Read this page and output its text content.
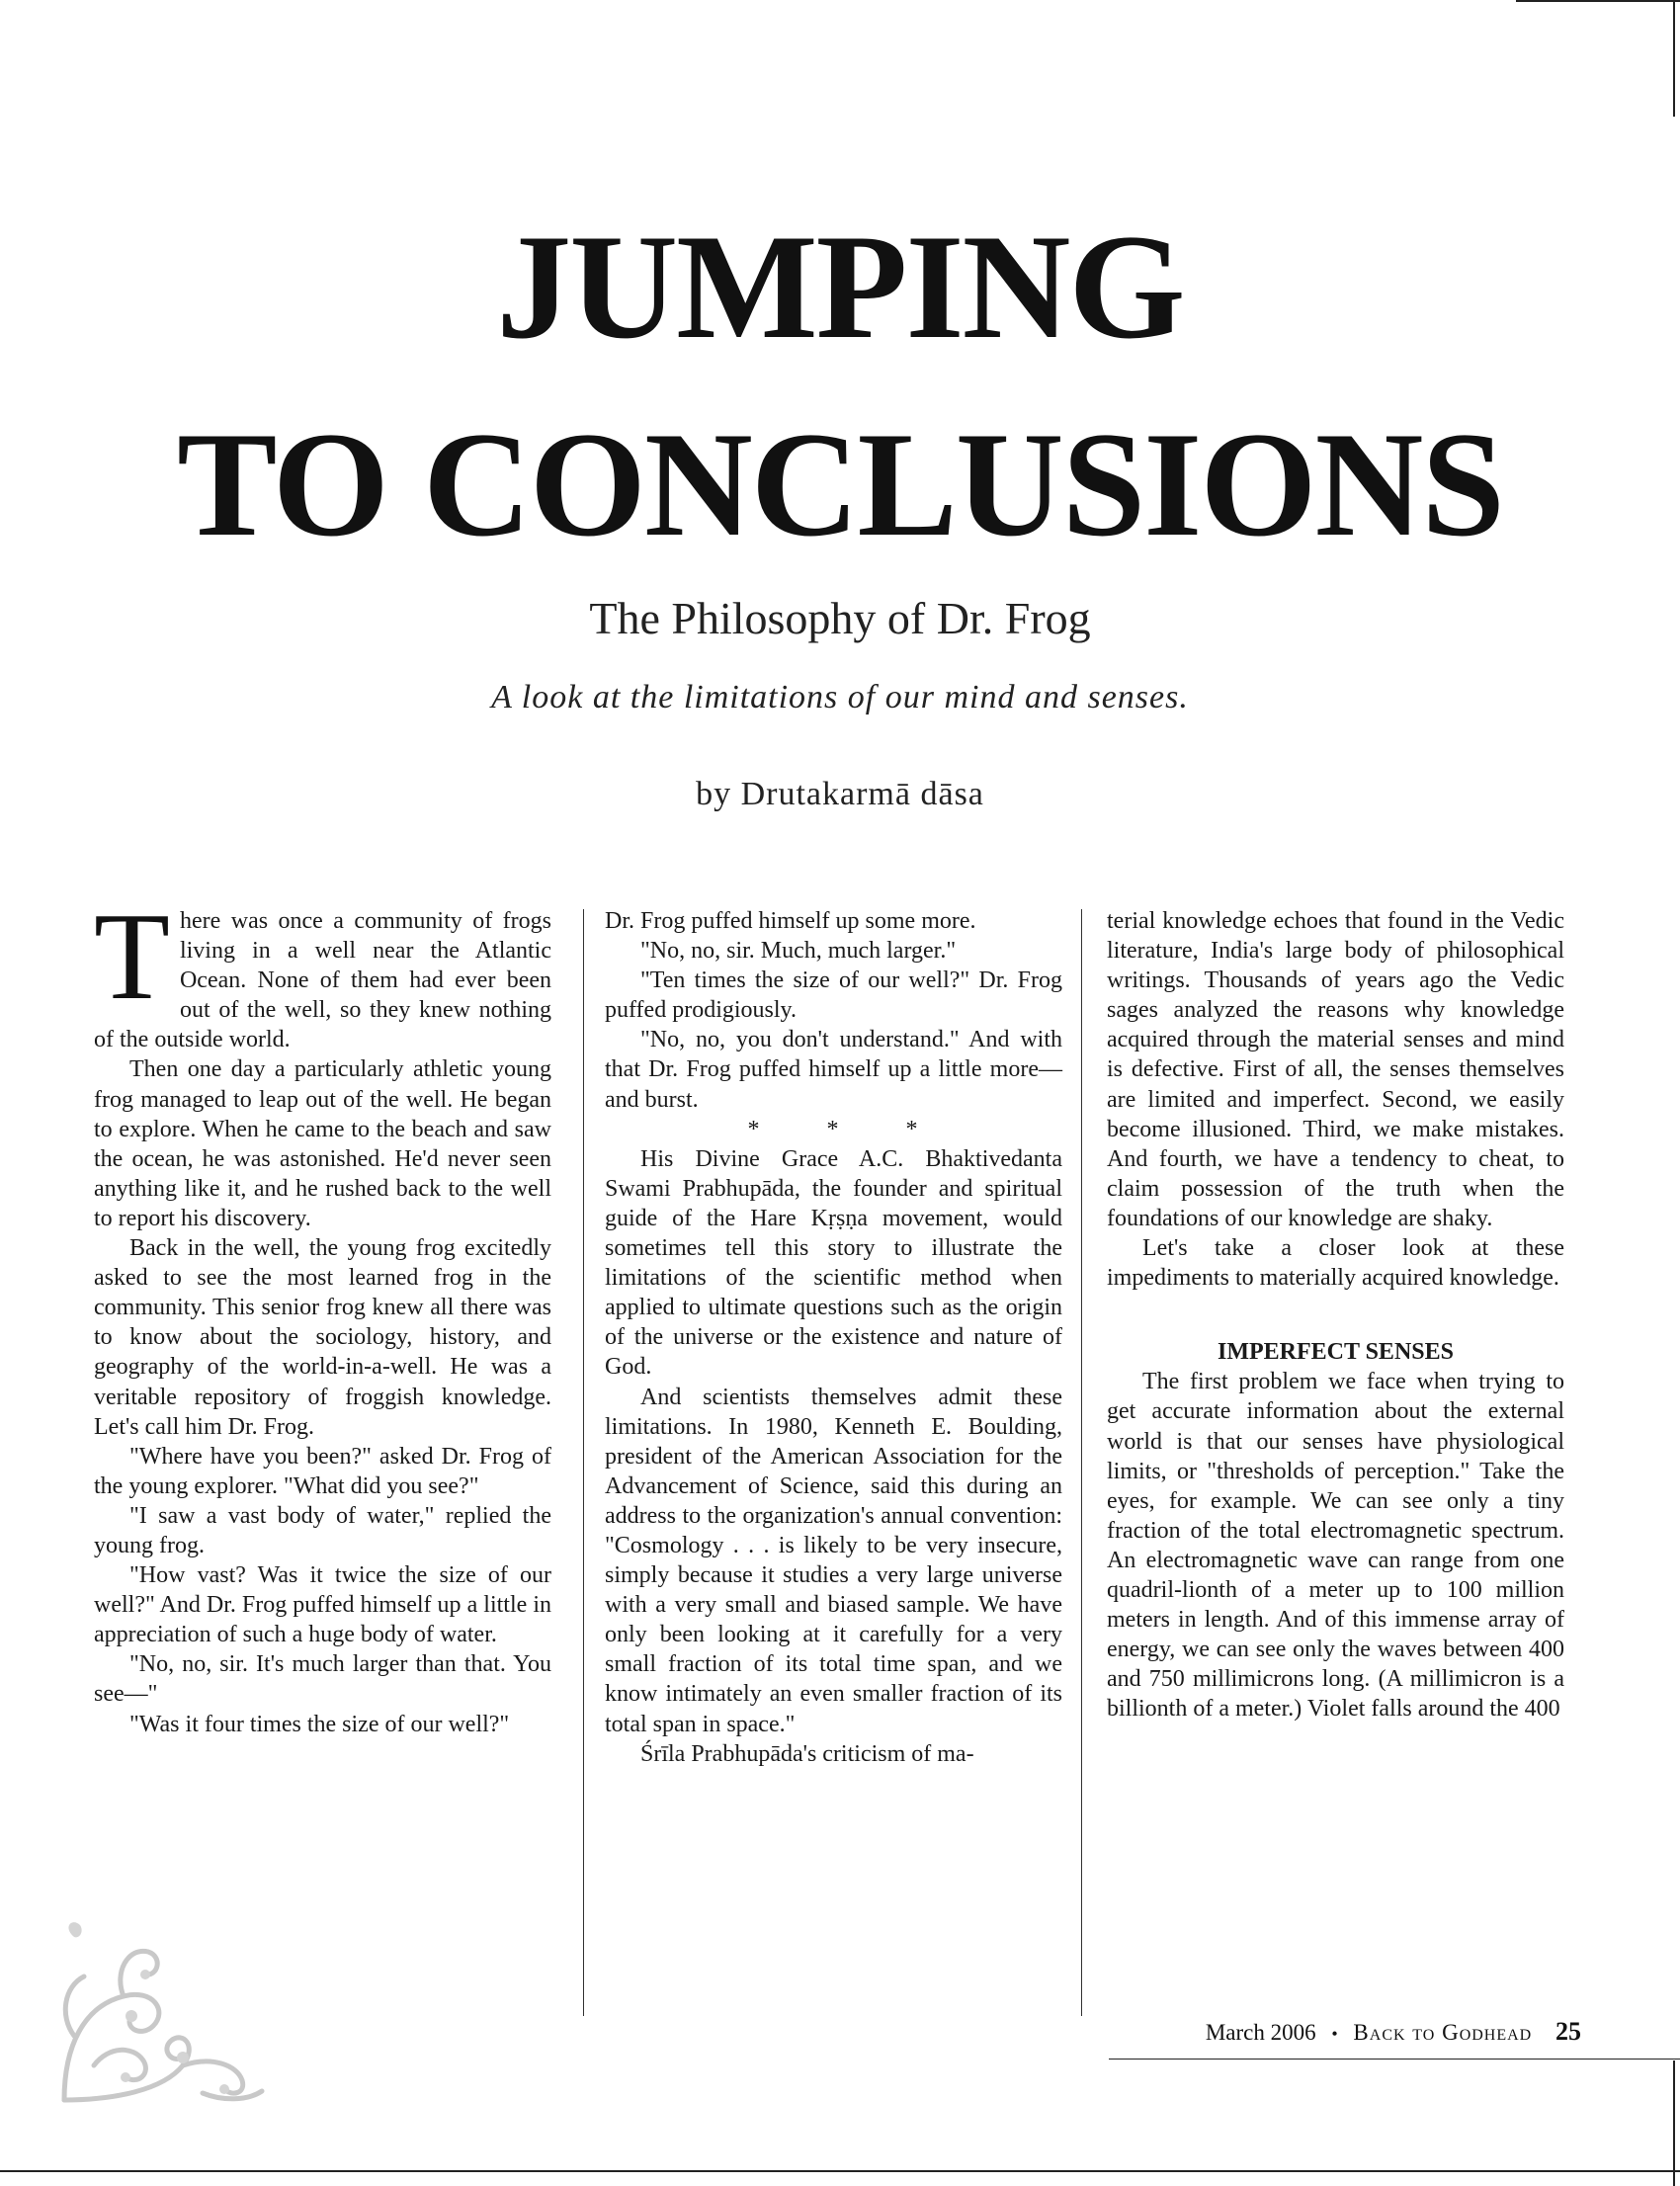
JUMPING
TO CONCLUSIONS
The Philosophy of Dr. Frog

A look at the limitations of our mind and senses.

by Drutakarmā dāsa

There was once a community of frogs living in a well near the Atlantic Ocean. None of them had ever been out of the well, so they knew nothing of the outside world.

Then one day a particularly athletic young frog managed to leap out of the well. He began to explore. When he came to the beach and saw the ocean, he was astonished. He'd never seen anything like it, and he rushed back to the well to report his discovery.

Back in the well, the young frog excitedly asked to see the most learned frog in the community. This senior frog knew all there was to know about the sociology, history, and geography of the world-in-a-well. He was a veritable repository of froggish knowledge. Let's call him Dr. Frog.

"Where have you been?" asked Dr. Frog of the young explorer. "What did you see?"

"I saw a vast body of water," replied the young frog.

"How vast? Was it twice the size of our well?" And Dr. Frog puffed himself up a little in appreciation of such a huge body of water.

"No, no, sir. It's much larger than that. You see—"

"Was it four times the size of our well?"

Dr. Frog puffed himself up some more.

"No, no, sir. Much, much larger."

"Ten times the size of our well?" Dr. Frog puffed prodigiously.

"No, no, you don't understand." And with that Dr. Frog puffed himself up a little more—and burst.

*	*	*

His Divine Grace A.C. Bhaktivedanta Swami Prabhupāda, the founder and spiritual guide of the Hare Kṛṣṇa movement, would sometimes tell this story to illustrate the limitations of the scientific method when applied to ultimate questions such as the origin of the universe or the existence and nature of God.

And scientists themselves admit these limitations. In 1980, Kenneth E. Boulding, president of the American Association for the Advancement of Science, said this during an address to the organization's annual convention: "Cosmology . . . is likely to be very insecure, simply because it studies a very large universe with a very small and biased sample. We have only been looking at it carefully for a very small fraction of its total time span, and we know intimately an even smaller fraction of its total span in space."

Śrīla Prabhupāda's criticism of ma-

terial knowledge echoes that found in the Vedic literature, India's large body of philosophical writings. Thousands of years ago the Vedic sages analyzed the reasons why knowledge acquired through the material senses and mind is defective. First of all, the senses themselves are limited and imperfect. Second, we easily become illusioned. Third, we make mistakes. And fourth, we have a tendency to cheat, to claim possession of the truth when the foundations of our knowledge are shaky.

Let's take a closer look at these impediments to materially acquired knowledge.

IMPERFECT SENSES

The first problem we face when trying to get accurate information about the external world is that our senses have physiological limits, or "thresholds of perception." Take the eyes, for example. We can see only a tiny fraction of the total electromagnetic spectrum. An electromagnetic wave can range from one quadril-lionth of a meter up to 100 million meters in length. And of this immense array of energy, we can see only the waves between 400 and 750 millimicrons long. (A millimicron is a billionth of a meter.) Violet falls around the 400

March 2006 • Back to Godhead 25
